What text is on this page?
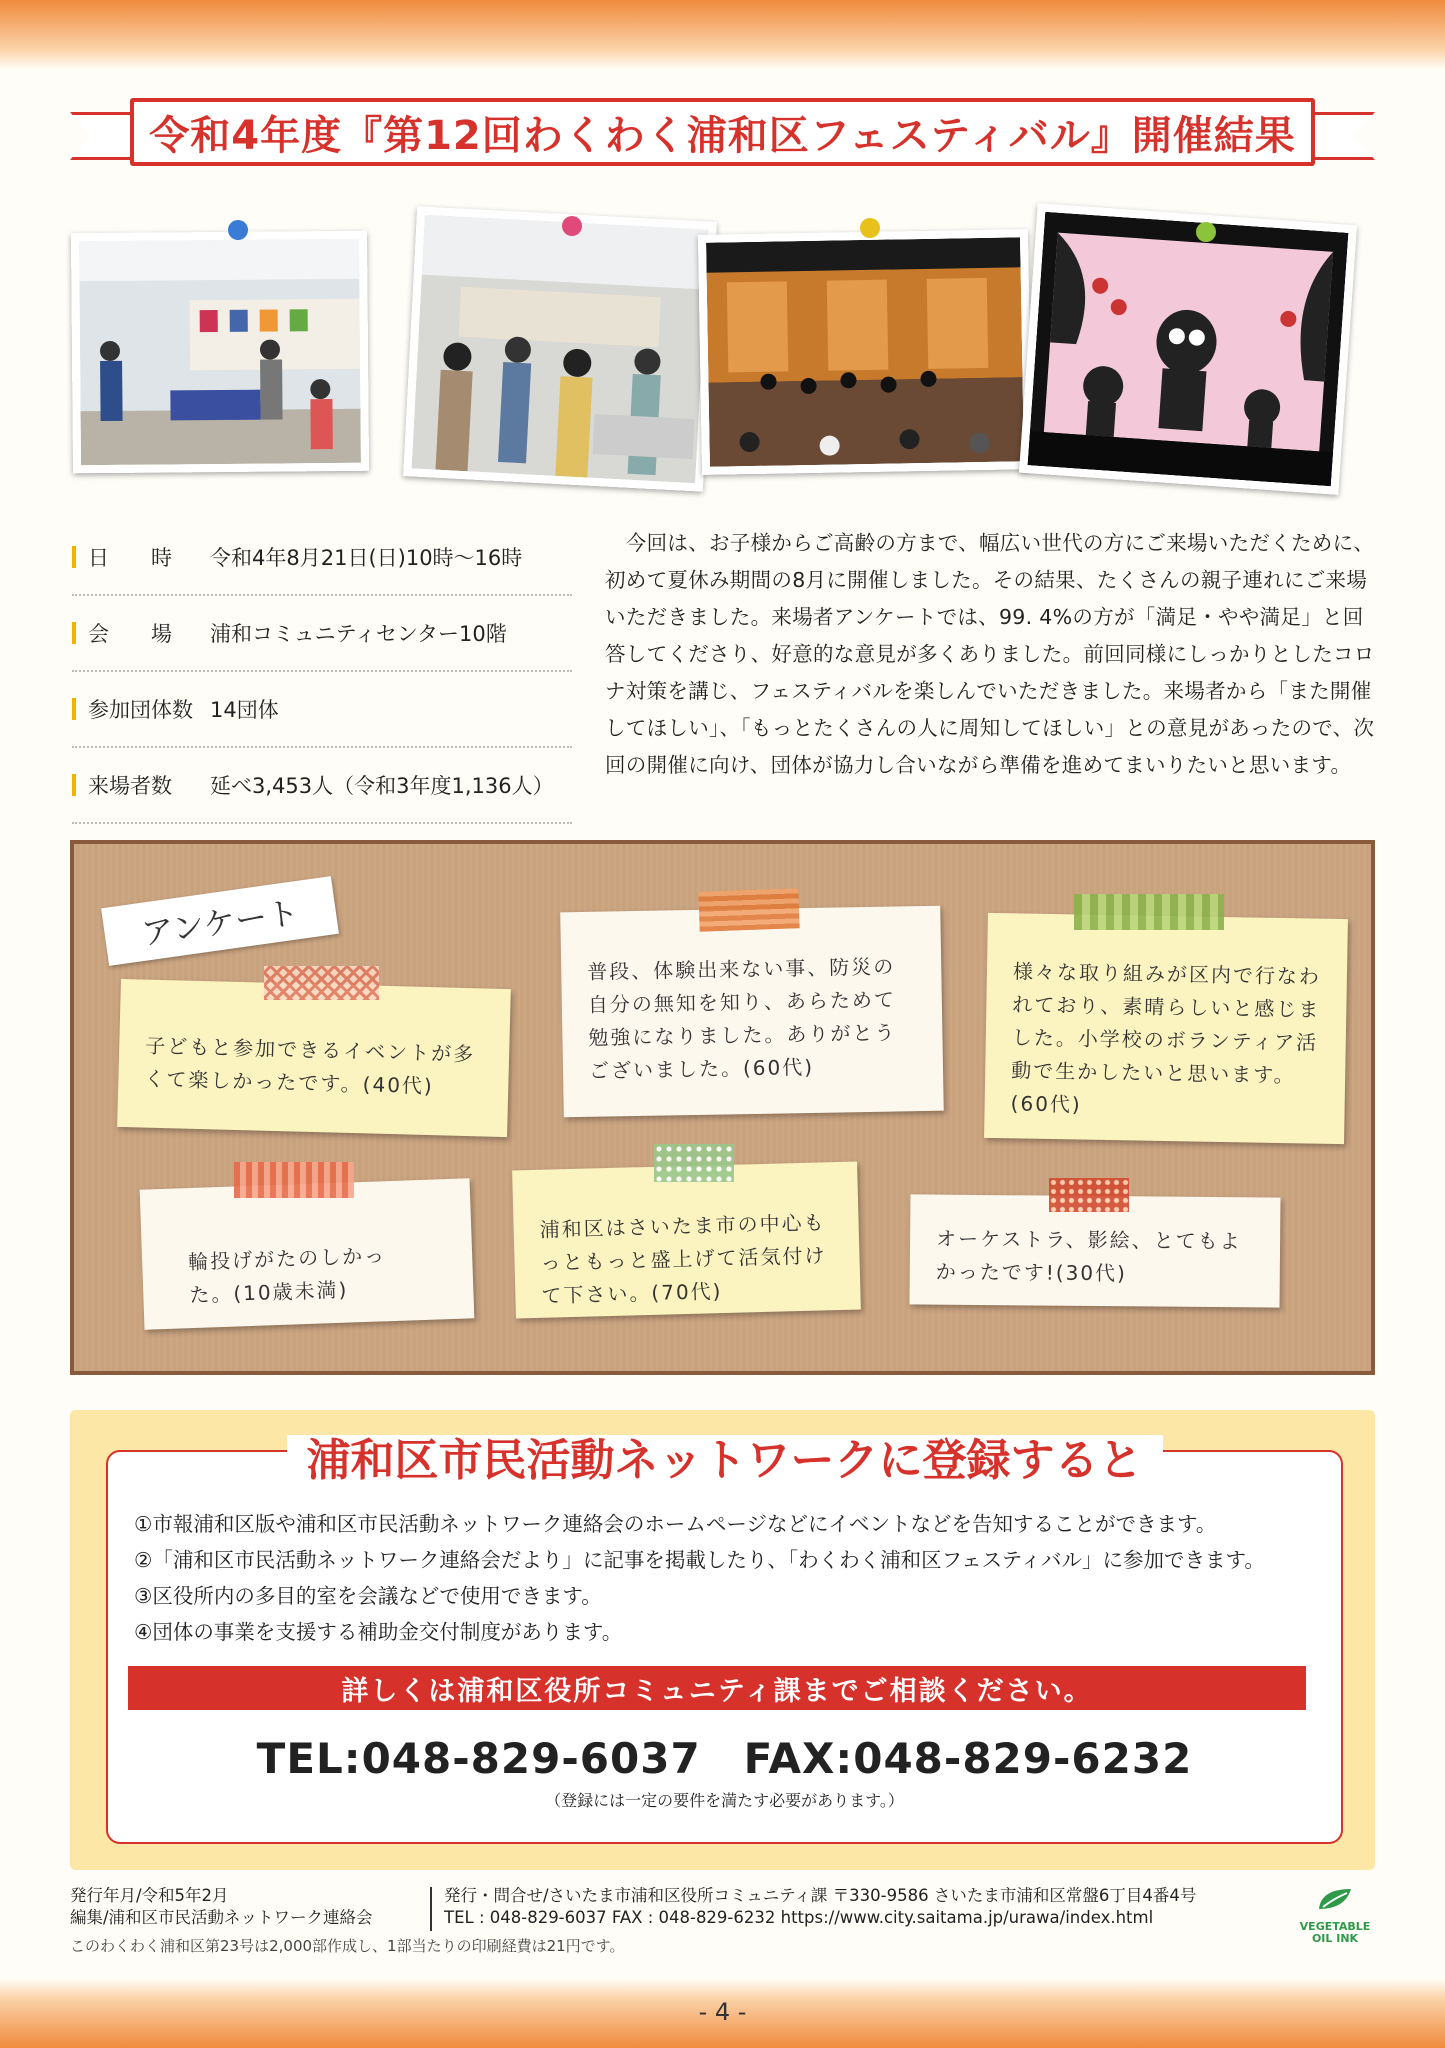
令和4年度『第12回わくわく浦和区フェスティバル』開催結果
日　　時	令和4年8月21日(日)10時～16時
会　　場	浦和コミュニティセンター10階
参加団体数 14団体
来場者数	延べ3,453人（令和3年度1,136人）
　今回は、お子様からご高齢の方まで、幅広い世代の方にご来場いただくために、初めて夏休み期間の8月に開催しました。その結果、たくさんの親子連れにご来場いただきました。来場者アンケートでは、99. 4%の方が「満足・やや満足」と回答してくださり、好意的な意見が多くありました。前回同様にしっかりとしたコロナ対策を講じ、フェスティバルを楽しんでいただきました。来場者から「また開催してほしい」、「もっとたくさんの人に周知してほしい」との意見があったので、次回の開催に向け、団体が協力し合いながら準備を進めてまいりたいと思います。
アンケート
子どもと参加できるイベントが多くて楽しかったです。(40代)
普段、体験出来ない事、防災の自分の無知を知り、あらためて勉強になりました。ありがとうございました。(60代)
様々な取り組みが区内で行なわれており、素晴らしいと感じました。小学校のボランティア活動で生かしたいと思います。(60代)
輪投げがたのしかった。(10歳未満)
浦和区はさいたま市の中心もっともっと盛上げて活気付けて下さい。(70代)
オーケストラ、影絵、とてもよかったです!(30代)
浦和区市民活動ネットワークに登録すると
①市報浦和区版や浦和区市民活動ネットワーク連絡会のホームページなどにイベントなどを告知することができます。
②「浦和区市民活動ネットワーク連絡会だより」に記事を掲載したり、「わくわく浦和区フェスティバル」に参加できます。
③区役所内の多目的室を会議などで使用できます。
④団体の事業を支援する補助金交付制度があります。
詳しくは浦和区役所コミュニティ課までご相談ください。
TEL:048-829-6037　FAX:048-829-6232
（登録には一定の要件を満たす必要があります。）
発行年月/令和5年2月
編集/浦和区市民活動ネットワーク連絡会
発行・問合せ/さいたま市浦和区役所コミュニティ課 〒330-9586 さいたま市浦和区常盤6丁目4番4号
TEL : 048-829-6037 FAX : 048-829-6232 https://www.city.saitama.jp/urawa/index.html
このわくわく浦和区第23号は2,000部作成し、1部当たりの印刷経費は21円です。
VEGETABLE OIL INK
- 4 -
